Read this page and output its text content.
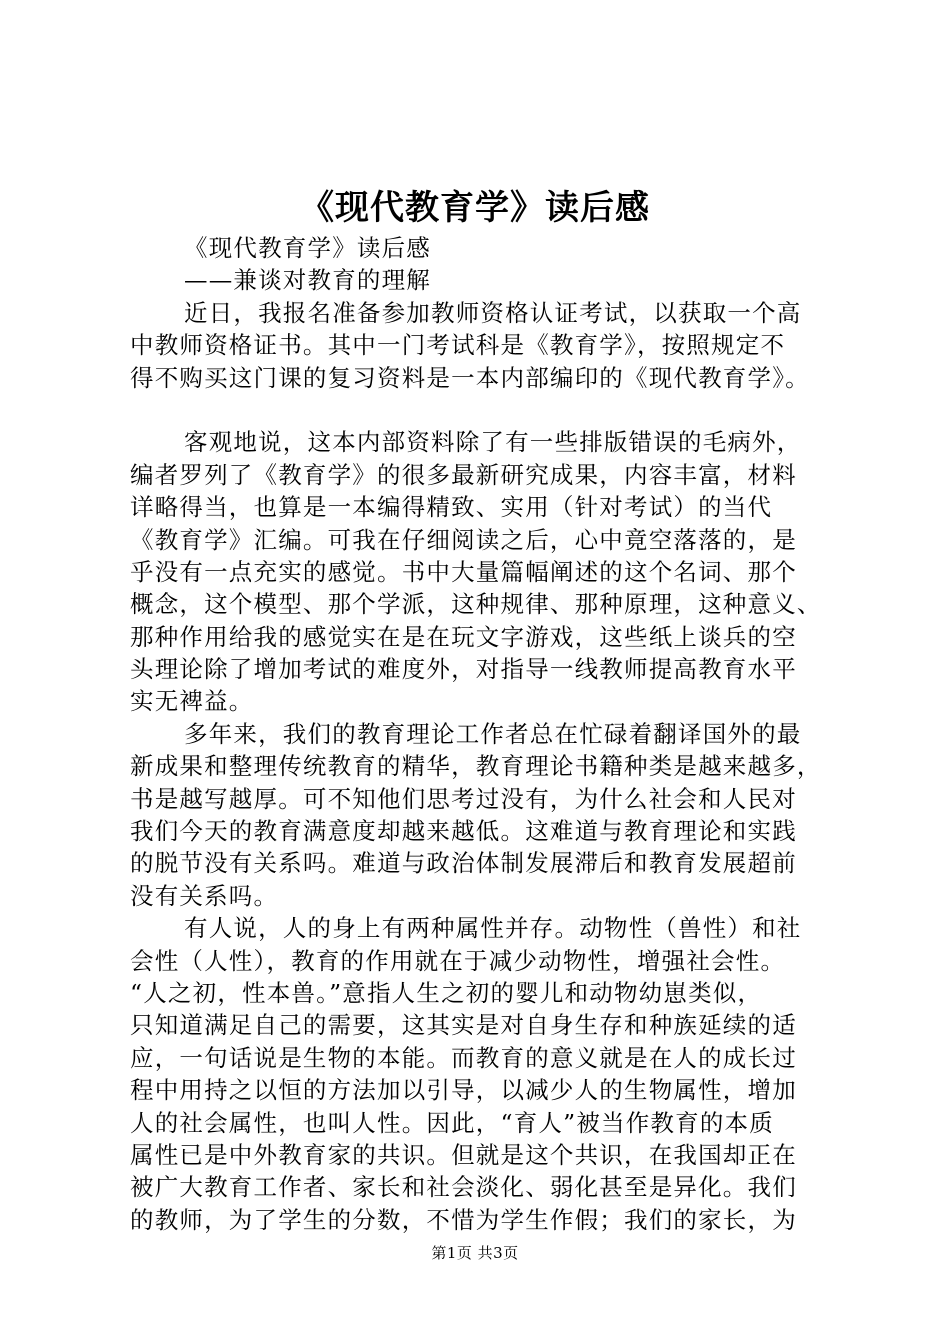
《现代教育学》读后感
《现代教育学》读后感
——兼谈对教育的理解
近日，我报名准备参加教师资格认证考试，以获取一个高
中教师资格证书。其中一门考试科是《教育学》，按照规定不
得不购买这门课的复习资料是一本内部编印的《现代教育学》。
客观地说，这本内部资料除了有一些排版错误的毛病外，
编者罗列了《教育学》的很多最新研究成果，内容丰富，材料
详略得当，也算是一本编得精致、实用（针对考试）的当代
《教育学》汇编。可我在仔细阅读之后，心中竟空落落的，是
乎没有一点充实的感觉。书中大量篇幅阐述的这个名词、那个
概念，这个模型、那个学派，这种规律、那种原理，这种意义、
那种作用给我的感觉实在是在玩文字游戏，这些纸上谈兵的空
头理论除了增加考试的难度外，对指导一线教师提高教育水平
实无裨益。
多年来，我们的教育理论工作者总在忙碌着翻译国外的最
新成果和整理传统教育的精华，教育理论书籍种类是越来越多，
书是越写越厚。可不知他们思考过没有，为什么社会和人民对
我们今天的教育满意度却越来越低。这难道与教育理论和实践
的脱节没有关系吗。难道与政治体制发展滞后和教育发展超前
没有关系吗。
有人说，人的身上有两种属性并存。动物性（兽性）和社
会性（人性），教育的作用就在于减少动物性，增强社会性。
“人之初，性本兽。”意指人生之初的婴儿和动物幼崽类似，
只知道满足自己的需要，这其实是对自身生存和种族延续的适
应，一句话说是生物的本能。而教育的意义就是在人的成长过
程中用持之以恒的方法加以引导，以减少人的生物属性，增加
人的社会属性，也叫人性。因此，“育人”被当作教育的本质
属性已是中外教育家的共识。但就是这个共识，在我国却正在
被广大教育工作者、家长和社会淡化、弱化甚至是异化。我们
的教师，为了学生的分数，不惜为学生作假；我们的家长，为
第1页 共3页
